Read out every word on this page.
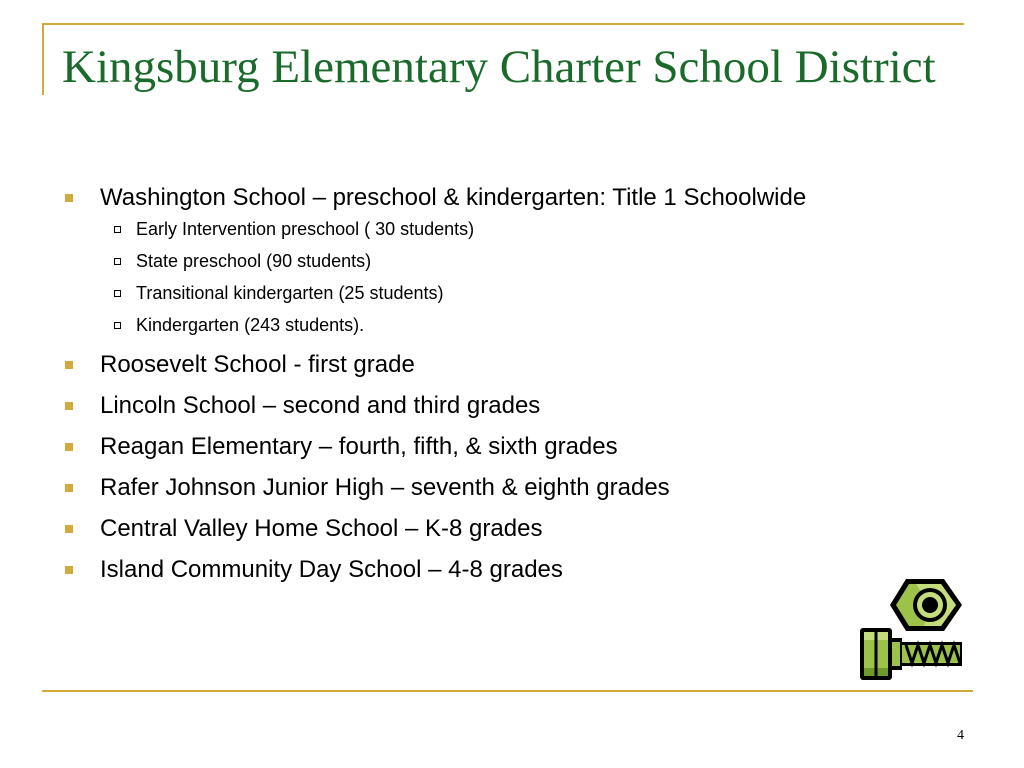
Kingsburg Elementary Charter School District
Washington School – preschool & kindergarten: Title 1 Schoolwide
Early Intervention preschool ( 30 students)
State preschool (90 students)
Transitional kindergarten (25 students)
Kindergarten (243 students).
Roosevelt School - first grade
Lincoln School – second and third grades
Reagan Elementary – fourth, fifth, & sixth grades
Rafer Johnson Junior High – seventh & eighth grades
Central Valley Home School – K-8 grades
Island Community Day School – 4-8 grades
4
